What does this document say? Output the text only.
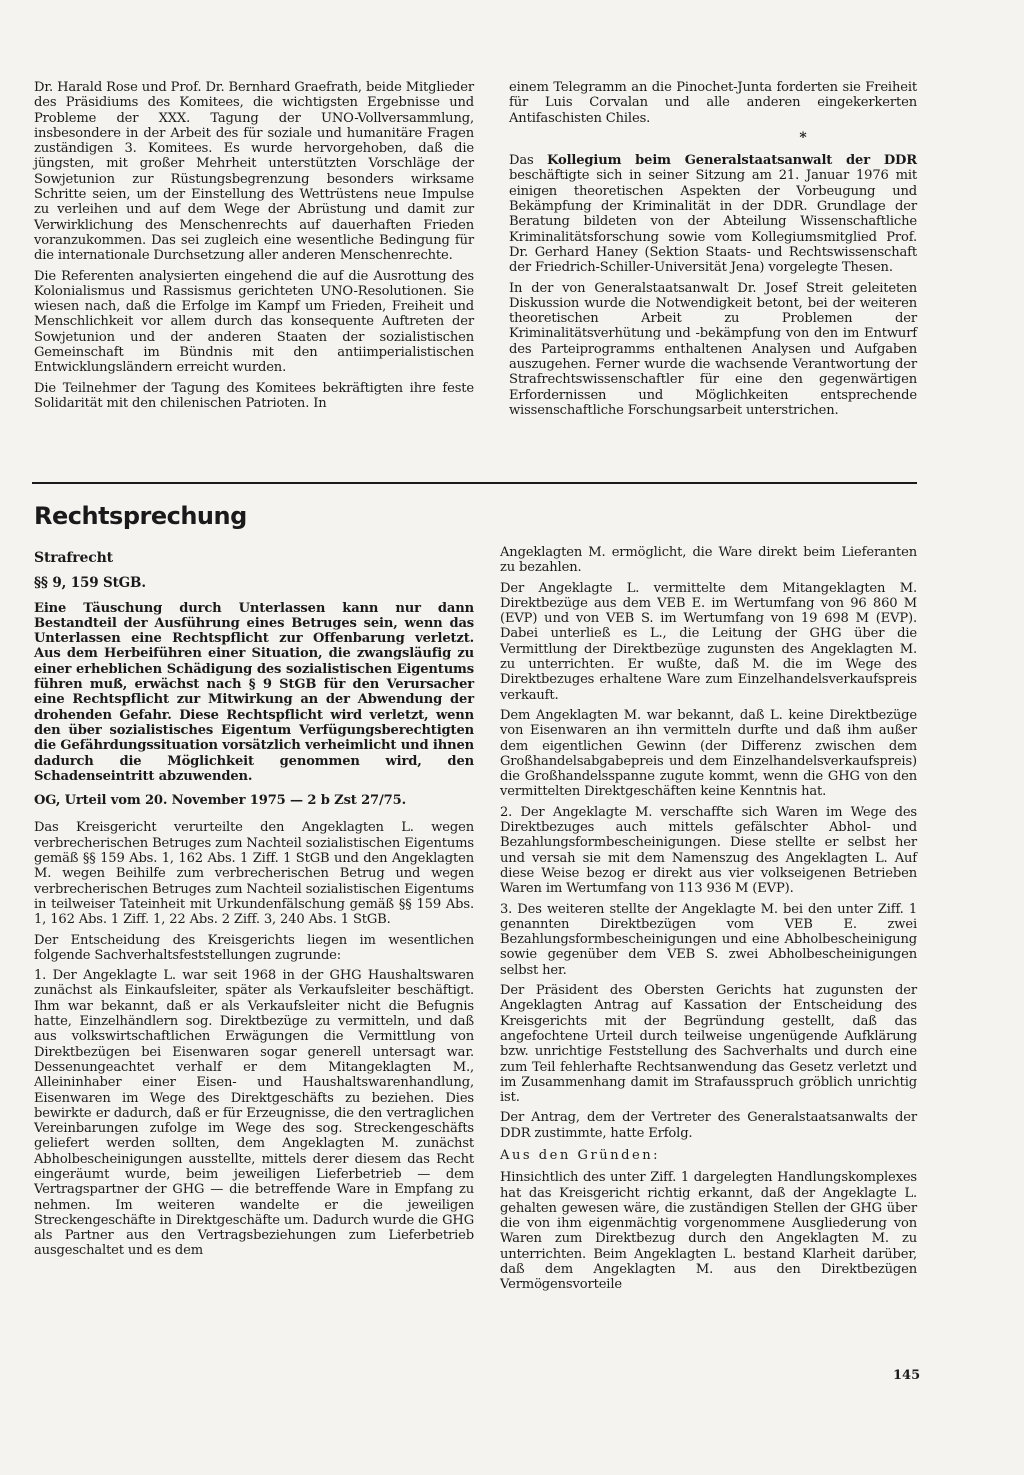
Dr. Harald Rose und Prof. Dr. Bernhard Graefrath, beide Mitglieder des Präsidiums des Komitees, die wichtigsten Ergebnisse und Probleme der XXX. Tagung der UNO-Vollversammlung, insbesondere in der Arbeit des für soziale und humanitäre Fragen zuständigen 3. Komitees. Es wurde hervorgehoben, daß die jüngsten, mit großer Mehrheit unterstützten Vorschläge der Sowjetunion zur Rüstungsbegrenzung besonders wirksame Schritte seien, um der Einstellung des Wettrüstens neue Impulse zu verleihen und auf dem Wege der Abrüstung und damit zur Verwirklichung des Menschenrechts auf dauerhaften Frieden voranzukommen. Das sei zugleich eine wesentliche Bedingung für die internationale Durchsetzung aller anderen Menschenrechte.

Die Referenten analysierten eingehend die auf die Ausrottung des Kolonialismus und Rassismus gerichteten UNO-Resolutionen. Sie wiesen nach, daß die Erfolge im Kampf um Frieden, Freiheit und Menschlichkeit vor allem durch das konsequente Auftreten der Sowjetunion und der anderen Staaten der sozialistischen Gemeinschaft im Bündnis mit den antiimperialistischen Entwicklungsländern erreicht wurden.

Die Teilnehmer der Tagung des Komitees bekräftigten ihre feste Solidarität mit den chilenischen Patrioten. In

einem Telegramm an die Pinochet-Junta forderten sie Freiheit für Luis Corvalan und alle anderen eingekerkerten Antifaschisten Chiles.

*

Das Kollegium beim Generalstaatsanwalt der DDR beschäftigte sich in seiner Sitzung am 21. Januar 1976 mit einigen theoretischen Aspekten der Vorbeugung und Bekämpfung der Kriminalität in der DDR. Grundlage der Beratung bildeten von der Abteilung Wissenschaftliche Kriminalitätsforschung sowie vom Kollegiumsmitglied Prof. Dr. Gerhard Haney (Sektion Staats- und Rechtswissenschaft der Friedrich-Schiller-Universität Jena) vorgelegte Thesen.

In der von Generalstaatsanwalt Dr. Josef Streit geleiteten Diskussion wurde die Notwendigkeit betont, bei der weiteren theoretischen Arbeit zu Problemen der Kriminalitätsverhütung und -bekämpfung von den im Entwurf des Parteiprogramms enthaltenen Analysen und Aufgaben auszugehen. Ferner wurde die wachsende Verantwortung der Strafrechtswissenschaftler für eine den gegenwärtigen Erfordernissen und Möglichkeiten entsprechende wissenschaftliche Forschungsarbeit unterstrichen.

Rechtsprechung
Strafrecht
§§ 9, 159 StGB.

Eine Täuschung durch Unterlassen kann nur dann Bestandteil der Ausführung eines Betruges sein, wenn das Unterlassen eine Rechtspflicht zur Offenbarung verletzt. Aus dem Herbeiführen einer Situation, die zwangsläufig zu einer erheblichen Schädigung des sozialistischen Eigentums führen muß, erwächst nach § 9 StGB für den Verursacher eine Rechtspflicht zur Mitwirkung an der Abwendung der drohenden Gefahr. Diese Rechtspflicht wird verletzt, wenn den über sozialistisches Eigentum Verfügungsberechtigten die Gefährdungssituation vorsätzlich verheimlicht und ihnen dadurch die Möglichkeit genommen wird, den Schadenseintritt abzuwenden.

OG, Urteil vom 20. November 1975 — 2 b Zst 27/75.

Das Kreisgericht verurteilte den Angeklagten L. wegen verbrecherischen Betruges zum Nachteil sozialistischen Eigentums gemäß §§ 159 Abs. 1, 162 Abs. 1 Ziff. 1 StGB und den Angeklagten M. wegen Beihilfe zum verbrecherischen Betrug und wegen verbrecherischen Betruges zum Nachteil sozialistischen Eigentums in teilweiser Tateinheit mit Urkundenfälschung gemäß §§ 159 Abs. 1, 162 Abs. 1 Ziff. 1, 22 Abs. 2 Ziff. 3, 240 Abs. 1 StGB.

Der Entscheidung des Kreisgerichts liegen im wesentlichen folgende Sachverhaltsfeststellungen zugrunde:

1. Der Angeklagte L. war seit 1968 in der GHG Haushaltswaren zunächst als Einkaufsleiter, später als Verkaufsleiter beschäftigt. Ihm war bekannt, daß er als Verkaufsleiter nicht die Befugnis hatte, Einzelhändlern sog. Direktbezüge zu vermitteln, und daß aus volkswirtschaftlichen Erwägungen die Vermittlung von Direktbezügen bei Eisenwaren sogar generell untersagt war. Dessenungeachtet verhalf er dem Mitangeklagten M., Alleininhaber einer Eisen- und Haushaltswarenhandlung, Eisenwaren im Wege des Direktgeschäfts zu beziehen. Dies bewirkte er dadurch, daß er für Erzeugnisse, die den vertraglichen Vereinbarungen zufolge im Wege des sog. Streckengeschäfts geliefert werden sollten, dem Angeklagten M. zunächst Abholbescheinigungen ausstellte, mittels derer diesem das Recht eingeräumt wurde, beim jeweiligen Lieferbetrieb — dem Vertragspartner der GHG — die betreffende Ware in Empfang zu nehmen. Im weiteren wandelte er die jeweiligen Streckengeschäfte in Direktgeschäfte um. Dadurch wurde die GHG als Partner aus den Vertragsbeziehungen zum Lieferbetrieb ausgeschaltet und es dem

Angeklagten M. ermöglicht, die Ware direkt beim Lieferanten zu bezahlen.

Der Angeklagte L. vermittelte dem Mitangeklagten M. Direktbezüge aus dem VEB E. im Wertumfang von 96 860 M (EVP) und von VEB S. im Wertumfang von 19 698 M (EVP). Dabei unterließ es L., die Leitung der GHG über die Vermittlung der Direktbezüge zugunsten des Angeklagten M. zu unterrichten. Er wußte, daß M. die im Wege des Direktbezuges erhaltene Ware zum Einzelhandelsverkaufspreis verkauft.

Dem Angeklagten M. war bekannt, daß L. keine Direktbezüge von Eisenwaren an ihn vermitteln durfte und daß ihm außer dem eigentlichen Gewinn (der Differenz zwischen dem Großhandelsabgabepreis und dem Einzelhandelsverkaufspreis) die Großhandelsspanne zugute kommt, wenn die GHG von den vermittelten Direktgeschäften keine Kenntnis hat.

2. Der Angeklagte M. verschaffte sich Waren im Wege des Direktbezuges auch mittels gefälschter Abhol- und Bezahlungsformbescheinigungen. Diese stellte er selbst her und versah sie mit dem Namenszug des Angeklagten L. Auf diese Weise bezog er direkt aus vier volkseigenen Betrieben Waren im Wertumfang von 113 936 M (EVP).

3. Des weiteren stellte der Angeklagte M. bei den unter Ziff. 1 genannten Direktbezügen vom VEB E. zwei Bezahlungsformbescheinigungen und eine Abholbescheinigung sowie gegenüber dem VEB S. zwei Abholbescheinigungen selbst her.

Der Präsident des Obersten Gerichts hat zugunsten der Angeklagten Antrag auf Kassation der Entscheidung des Kreisgerichts mit der Begründung gestellt, daß das angefochtene Urteil durch teilweise ungenügende Aufklärung bzw. unrichtige Feststellung des Sachverhalts und durch eine zum Teil fehlerhafte Rechtsanwendung das Gesetz verletzt und im Zusammenhang damit im Strafausspruch gröblich unrichtig ist.

Der Antrag, dem der Vertreter des Generalstaatsanwalts der DDR zustimmte, hatte Erfolg.

Aus den Gründen:

Hinsichtlich des unter Ziff. 1 dargelegten Handlungskomplexes hat das Kreisgericht richtig erkannt, daß der Angeklagte L. gehalten gewesen wäre, die zuständigen Stellen der GHG über die von ihm eigenmächtig vorgenommene Ausgliederung von Waren zum Direktbezug durch den Angeklagten M. zu unterrichten. Beim Angeklagten L. bestand Klarheit darüber, daß dem Angeklagten M. aus den Direktbezügen Vermögensvorteile

145
